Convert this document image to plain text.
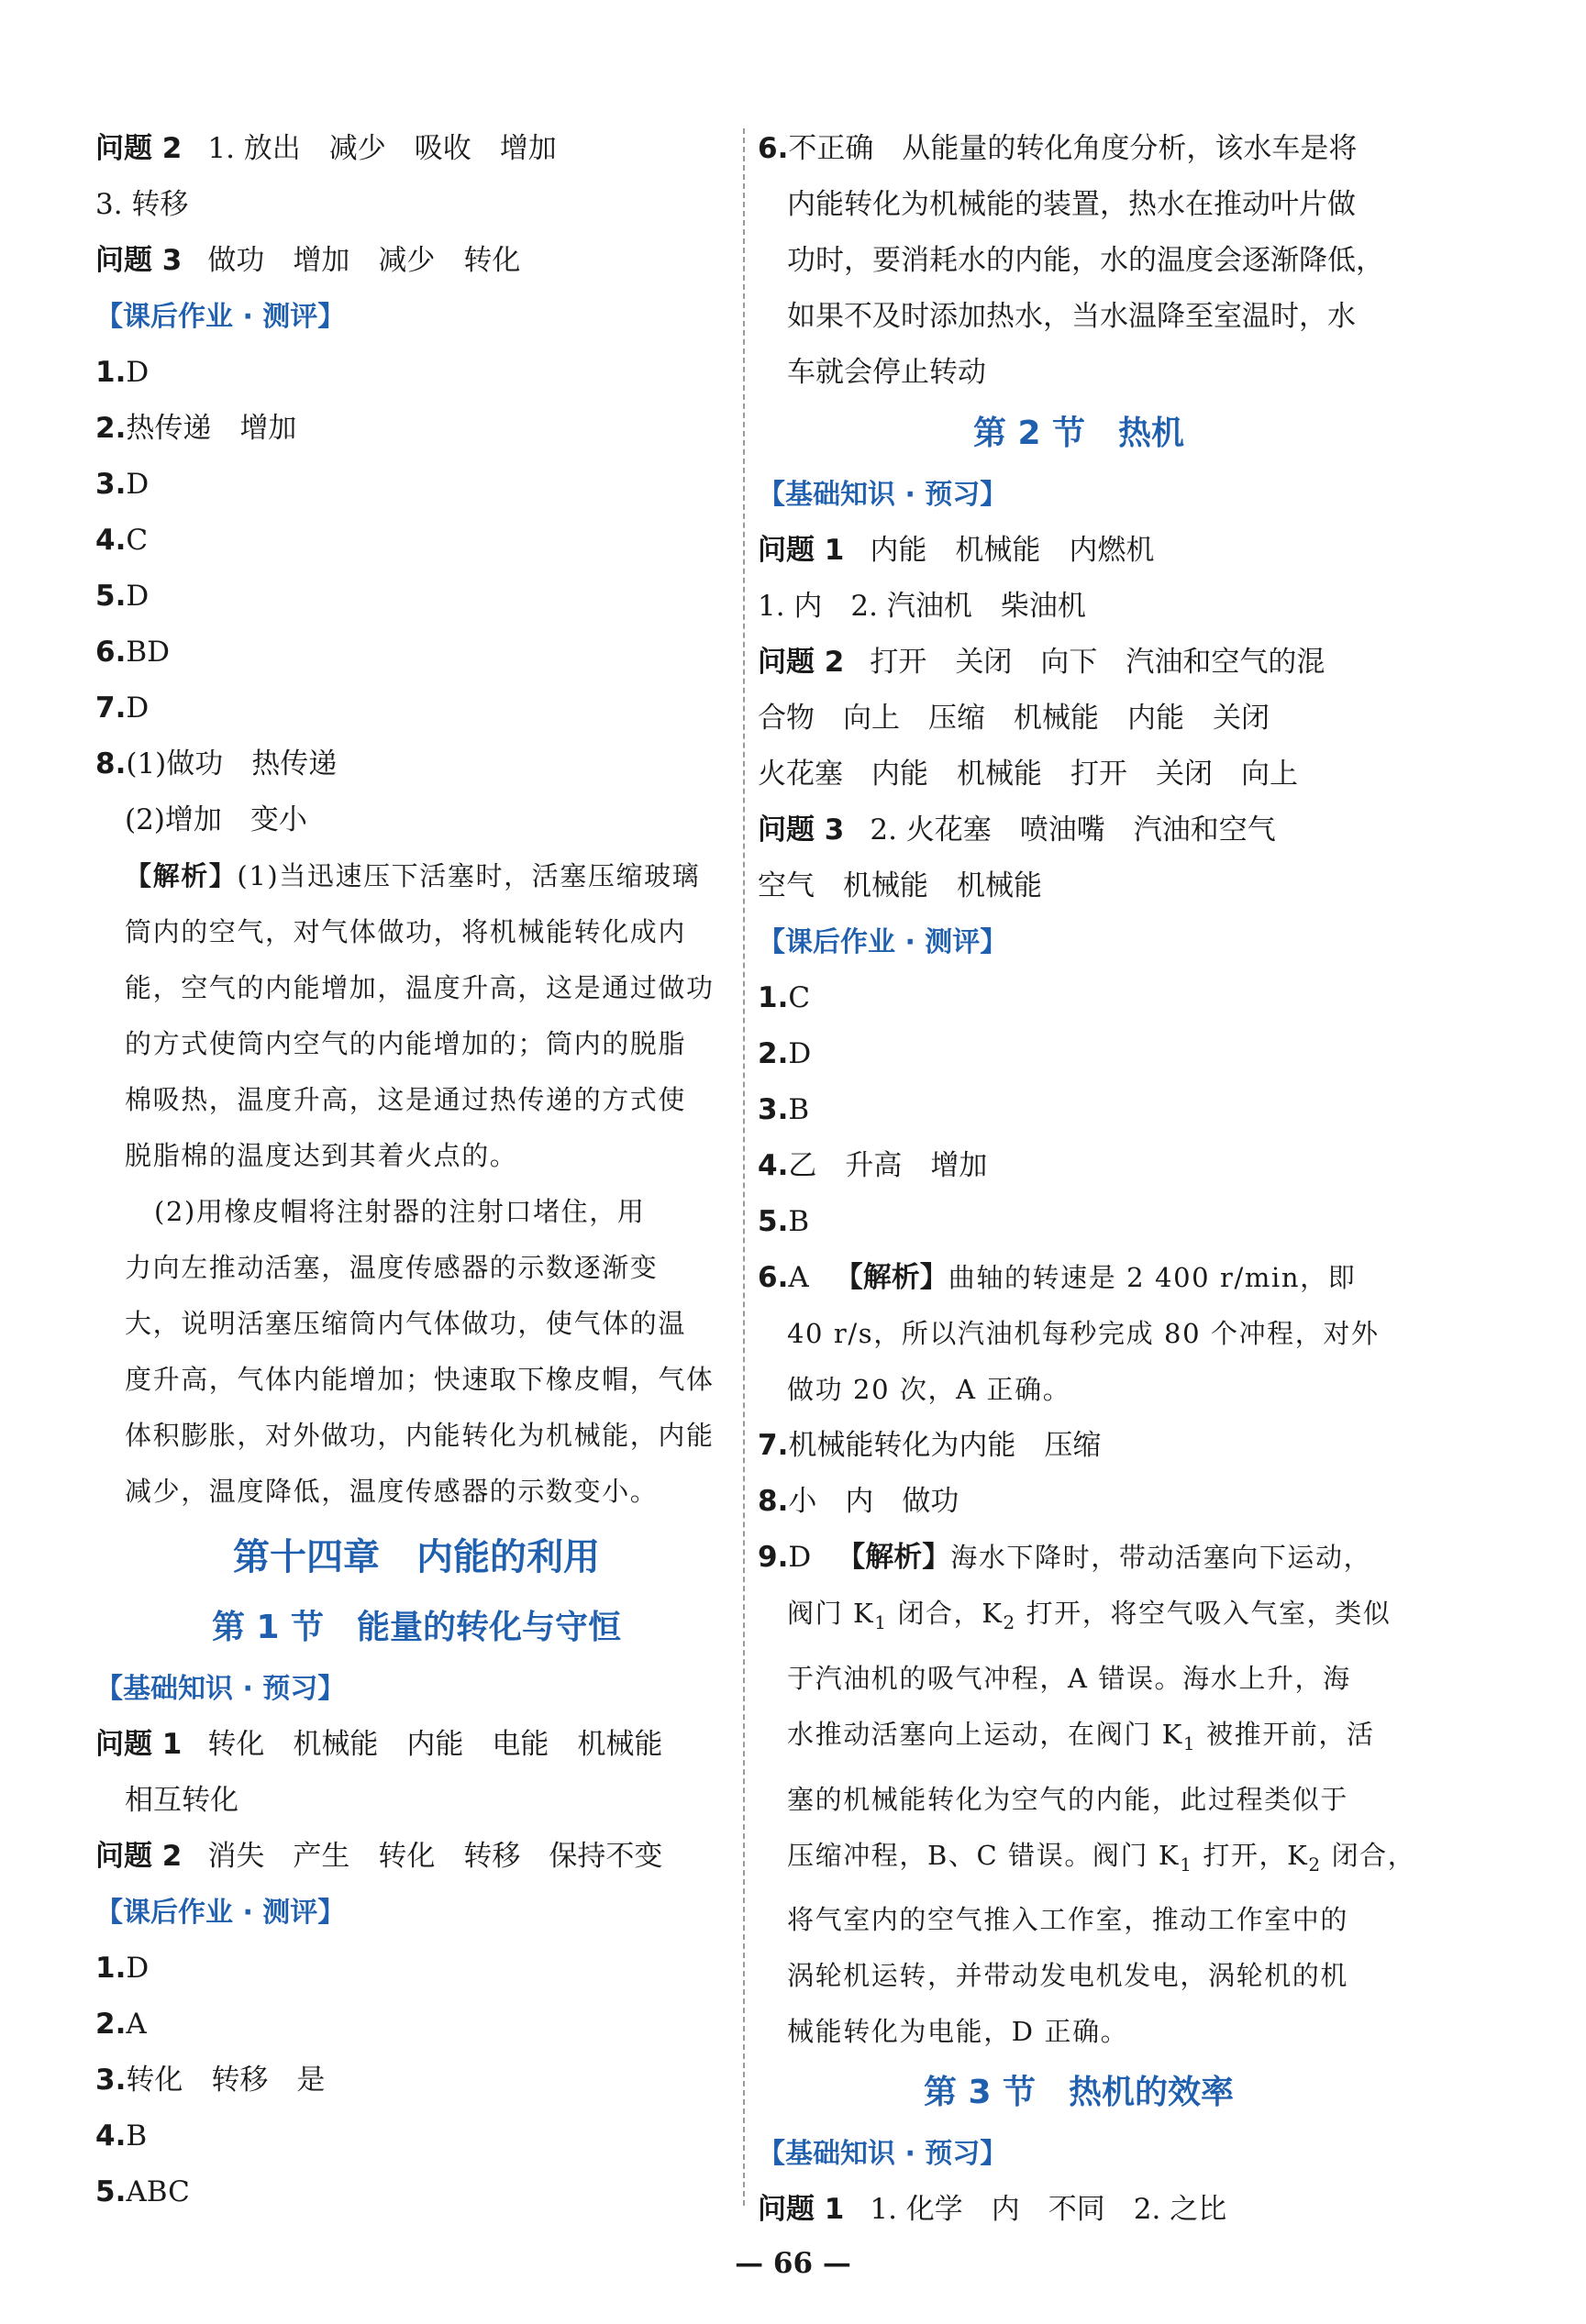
问题 2 1. 放出　减少　吸收　增加
3. 转移
问题 3 做功　增加　减少　转化
【课后作业 · 测评】
1.D
2.热传递　增加
3.D
4.C
5.D
6.BD
7.D
8.(1)做功　热传递
(2)增加　变小
【解析】(1)当迅速压下活塞时，活塞压缩玻璃
筒内的空气，对气体做功，将机械能转化成内
能，空气的内能增加，温度升高，这是通过做功
的方式使筒内空气的内能增加的；筒内的脱脂
棉吸热，温度升高，这是通过热传递的方式使
脱脂棉的温度达到其着火点的。
(2)用橡皮帽将注射器的注射口堵住，用
力向左推动活塞，温度传感器的示数逐渐变
大，说明活塞压缩筒内气体做功，使气体的温
度升高，气体内能增加；快速取下橡皮帽，气体
体积膨胀，对外做功，内能转化为机械能，内能
减少，温度降低，温度传感器的示数变小。
第十四章　内能的利用
第 1 节　能量的转化与守恒
【基础知识 · 预习】
问题 1 转化　机械能　内能　电能　机械能
相互转化
问题 2 消失　产生　转化　转移　保持不变
【课后作业 · 测评】
1.D
2.A
3.转化　转移　是
4.B
5.ABC
6.不正确　从能量的转化角度分析，该水车是将
内能转化为机械能的装置，热水在推动叶片做
功时，要消耗水的内能，水的温度会逐渐降低，
如果不及时添加热水，当水温降至室温时，水
车就会停止转动
第 2 节　热机
【基础知识 · 预习】
问题 1 内能　机械能　内燃机
1. 内　2. 汽油机　柴油机
问题 2 打开　关闭　向下　汽油和空气的混
合物　向上　压缩　机械能　内能　关闭
火花塞　内能　机械能　打开　关闭　向上
问题 3 2. 火花塞　喷油嘴　汽油和空气
空气　机械能　机械能
【课后作业 · 测评】
1.C
2.D
3.B
4.乙　升高　增加
5.B
6.A 【解析】曲轴的转速是 2 400 r/min，即
40 r/s，所以汽油机每秒完成 80 个冲程，对外
做功 20 次，A 正确。
7.机械能转化为内能　压缩
8.小　内　做功
9.D 【解析】海水下降时，带动活塞向下运动，
阀门 $K_1$ 闭合，$K_2$ 打开，将空气吸入气室，类似
于汽油机的吸气冲程，A 错误。海水上升，海
水推动活塞向上运动，在阀门 $K_1$ 被推开前，活
塞的机械能转化为空气的内能，此过程类似于
压缩冲程，B、C 错误。阀门 $K_1$ 打开，$K_2$ 闭合，
将气室内的空气推入工作室，推动工作室中的
涡轮机运转，并带动发电机发电，涡轮机的机
械能转化为电能，D 正确。
第 3 节　热机的效率
【基础知识 · 预习】
问题 1 1. 化学　内　不同　2. 之比
— 66 —
